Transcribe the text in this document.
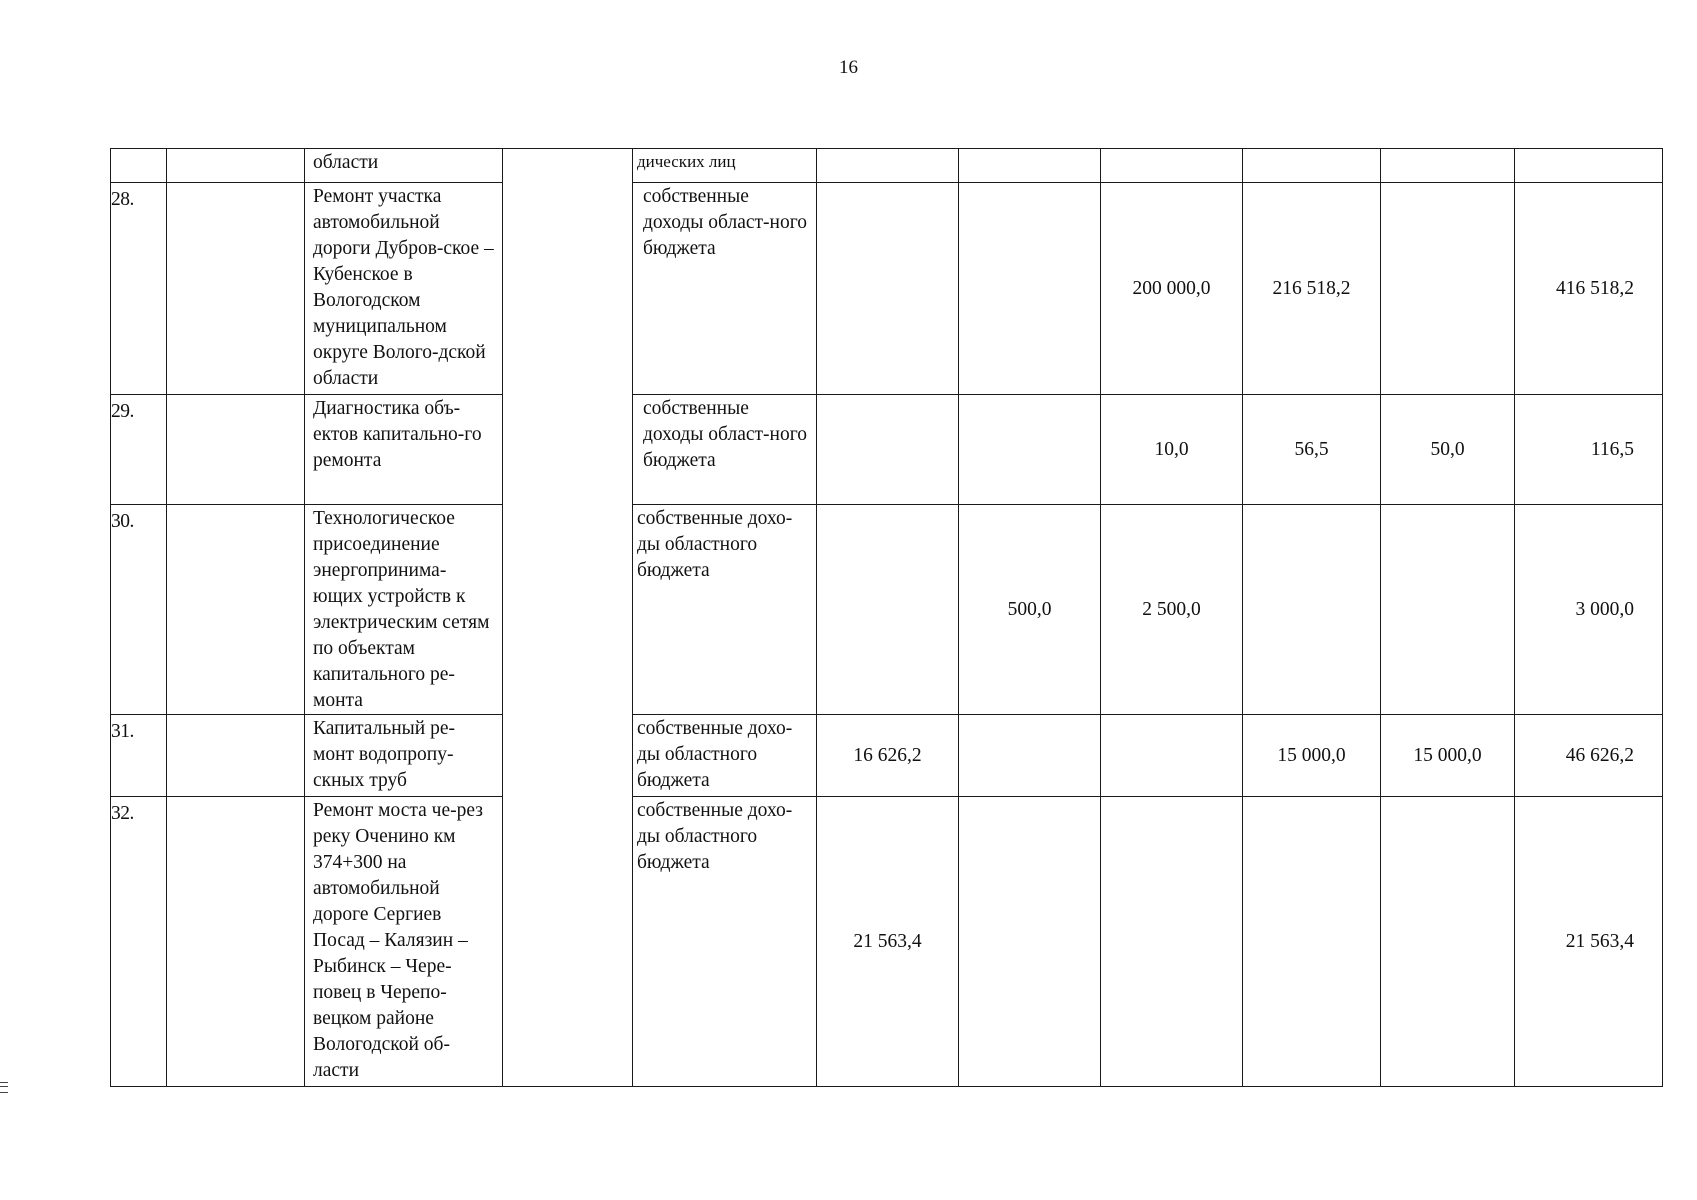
16
		области		дических лиц						
28.		Ремонт участка автомобильной дороги Дубров-ское – Кубенское в Вологодском муниципальном округе Волого-дской области		собственные доходы област-ного бюджета			200 000,0	216 518,2		416 518,2
29.		Диагностика объ-ектов капитально-го ремонта		собственные доходы област-ного бюджета			10,0	56,5	50,0	116,5
30.		Технологическое присоединение энергопринима-ющих устройств к электрическим сетям по объектам капитального ре-монта		собственные дохо-ды областного бюджета		500,0	2 500,0			3 000,0
31.		Капитальный ре-монт водопропу-скных труб		собственные дохо-ды областного бюджета	16 626,2			15 000,0	15 000,0	46 626,2
32.		Ремонт моста че-рез реку Оченино км 374+300 на автомобильной дороге Сергиев Посад – Калязин – Рыбинск – Чере-повец в Черепо-вецком районе Вологодской об-ласти		собственные дохо-ды областного бюджета	21 563,4					21 563,4
